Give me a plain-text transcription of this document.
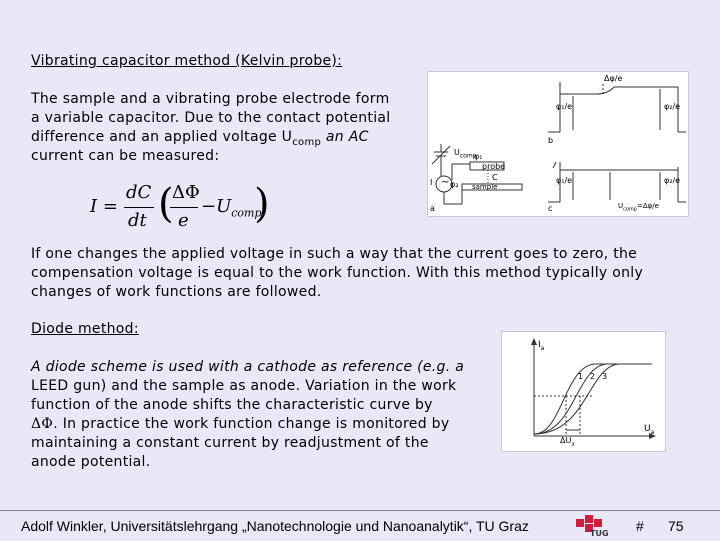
Vibrating capacitor method (Kelvin probe):
The sample and a vibrating probe electrode form
a variable capacitor. Due to the contact potential
difference and an applied voltage $U_{comp}$ an AC
current can be measured:
I =
dC
dt (
ΔΦ
e
$-U_{comp}$
)
Δφ/e
φ₁/e	φ₂/e
b
φ₁/e	φ₂/e
c
a
φ₁
φ₂
probe
sample
$U_{comp}$
C
$U_{comp}=\Delta\varphi/e$
~
I
If one changes the applied voltage in such a way that the current goes to zero, the
compensation voltage is equal to the work function. With this method typically only
changes of work functions are followed.
Diode method:
A diode scheme is used with a cathode as reference (e.g. a
LEED gun) and the sample as anode. Variation in the work
function of the anode shifts the characteristic curve by
ΔΦ. In practice the work function change is monitored by
maintaining a constant current by readjustment of the
anode potential.
$I_a$
$U_a$
$\Delta U_a$
1 2 3
Adolf Winkler, Universitätslehrgang „Nanotechnologie und Nanoanalytik“, TU Graz	TUG # 75
